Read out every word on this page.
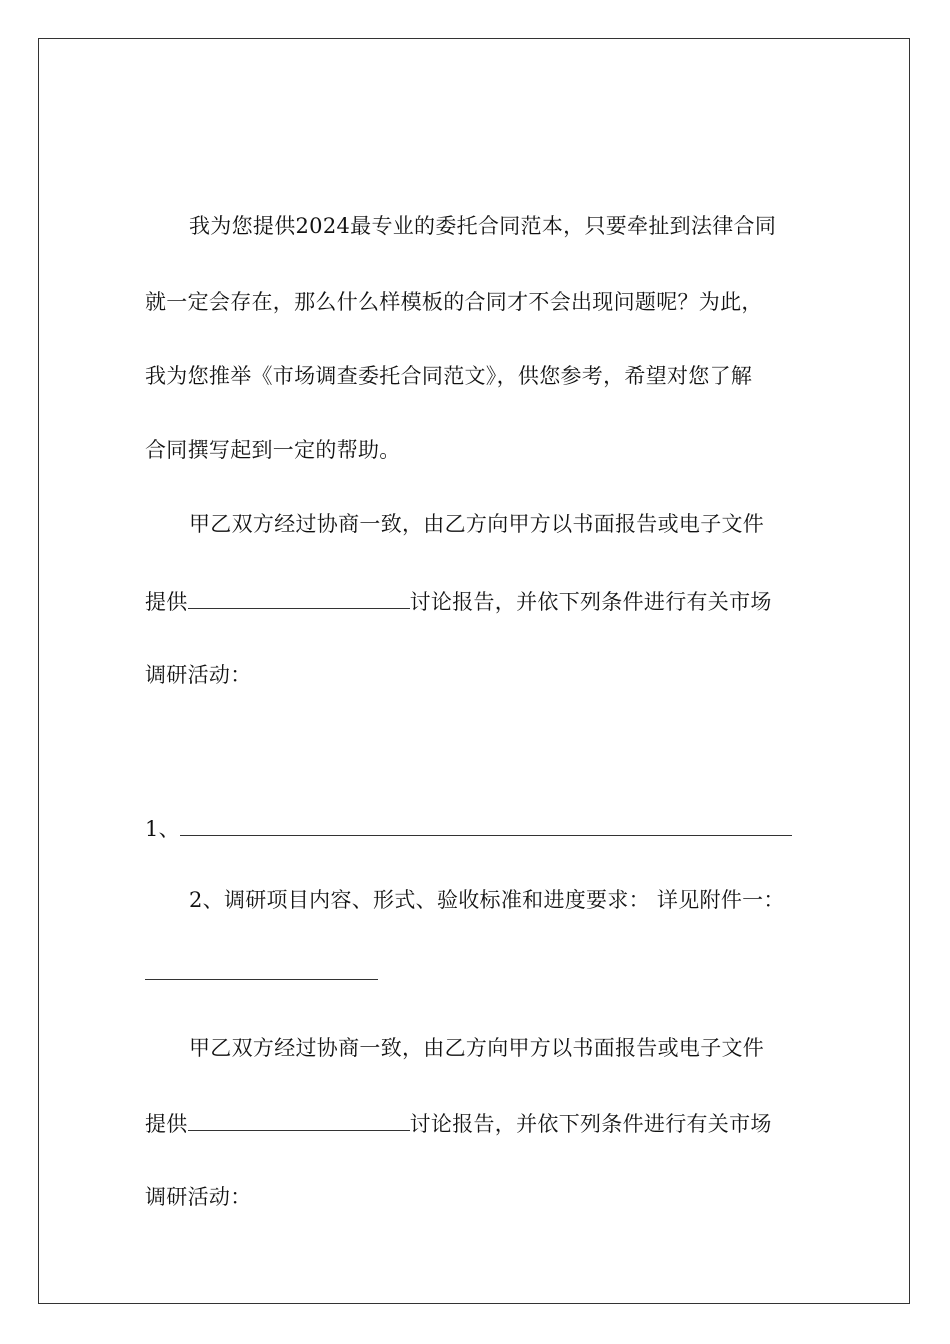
我为您提供2024最专业的委托合同范本，只要牵扯到法律合同
就一定会存在，那么什么样模板的合同才不会出现问题呢？为此，
我为您推举《市场调查委托合同范文》，供您参考，希望对您了解
合同撰写起到一定的帮助。
甲乙双方经过协商一致，由乙方向甲方以书面报告或电子文件
提供	讨论报告，并依下列条件进行有关市场
调研活动：
1、
2、调研项目内容、形式、验收标准和进度要求： 详见附件一：
甲乙双方经过协商一致，由乙方向甲方以书面报告或电子文件
提供	讨论报告，并依下列条件进行有关市场
调研活动：
